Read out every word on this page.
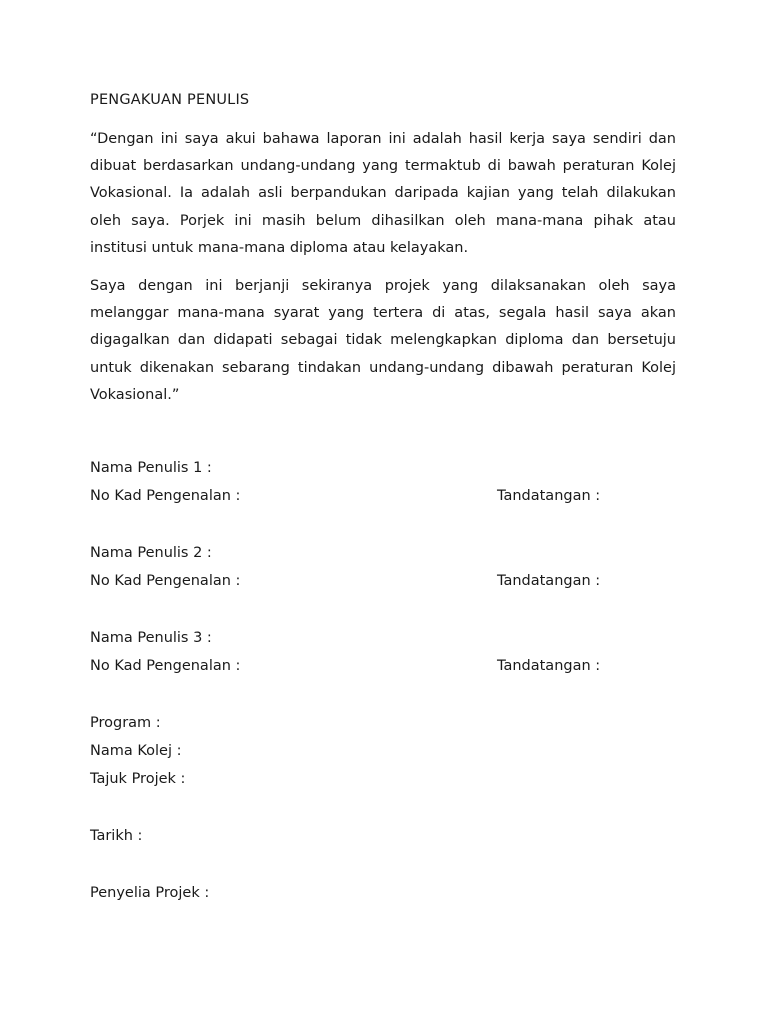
PENGAKUAN PENULIS
“Dengan ini saya akui bahawa laporan ini adalah hasil kerja saya sendiri dan dibuat berdasarkan undang-undang yang termaktub di bawah peraturan Kolej Vokasional. Ia adalah asli berpandukan daripada kajian yang telah dilakukan oleh saya. Porjek ini masih belum dihasilkan oleh mana-mana pihak atau institusi untuk mana-mana diploma atau kelayakan.
Saya dengan ini berjanji sekiranya projek yang dilaksanakan oleh saya melanggar mana-mana syarat yang tertera di atas, segala hasil saya akan digagalkan dan didapati sebagai tidak melengkapkan diploma dan bersetuju untuk dikenakan sebarang tindakan undang-undang dibawah peraturan Kolej Vokasional.”
Nama Penulis 1 :
No Kad Pengenalan :	Tandatangan :
Nama Penulis 2 :
No Kad Pengenalan :	Tandatangan :
Nama Penulis 3 :
No Kad Pengenalan :	Tandatangan :
Program :
Nama Kolej :
Tajuk Projek :
Tarikh :
Penyelia Projek :
